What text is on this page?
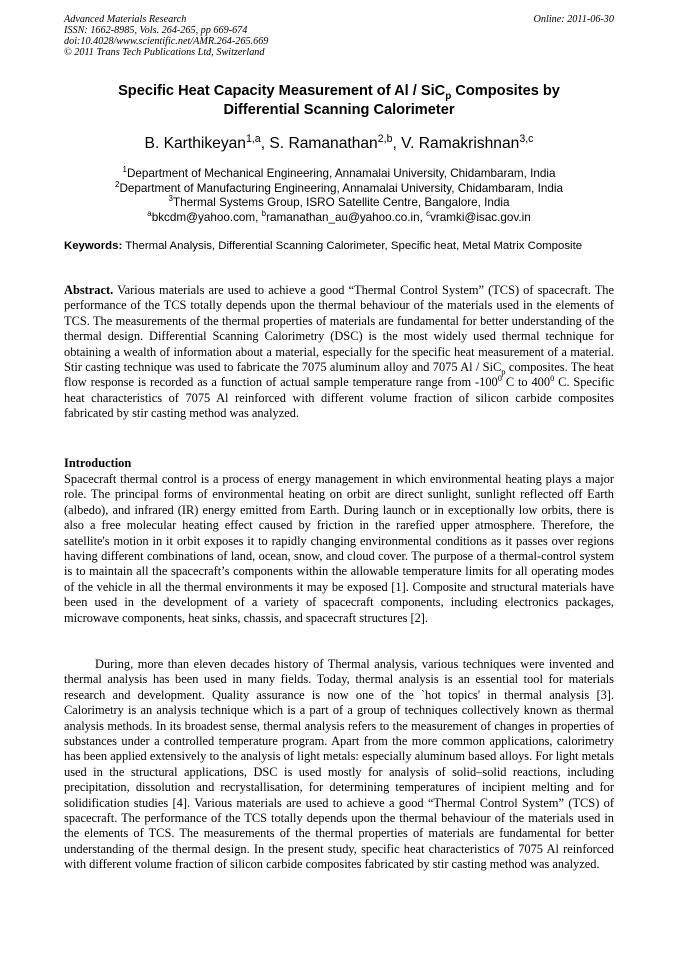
Advanced Materials Research
ISSN: 1662-8985, Vols. 264-265, pp 669-674
doi:10.4028/www.scientific.net/AMR.264-265.669
© 2011 Trans Tech Publications Ltd, Switzerland
Online: 2011-06-30
Specific Heat Capacity Measurement of Al / SiC$_p$ Composites by
Differential Scanning Calorimeter
B. Karthikeyan$^{1,a}$, S. Ramanathan$^{2,b}$, V. Ramakrishnan$^{3,c}$
$^1$Department of Mechanical Engineering, Annamalai University, Chidambaram, India
$^2$Department of Manufacturing Engineering, Annamalai University, Chidambaram, India
$^3$Thermal Systems Group, ISRO Satellite Centre, Bangalore, India
$^a$bkcdm@yahoo.com, $^b$ramanathan_au@yahoo.co.in, $^c$vramki@isac.gov.in
Keywords: Thermal Analysis, Differential Scanning Calorimeter, Specific heat, Metal Matrix Composite

Abstract. Various materials are used to achieve a good “Thermal Control System” (TCS) of spacecraft. The performance of the TCS totally depends upon the thermal behaviour of the materials used in the elements of TCS. The measurements of the thermal properties of materials are fundamental for better understanding of the thermal design. Differential Scanning Calorimetry (DSC) is the most widely used thermal technique for obtaining a wealth of information about a material, especially for the specific heat measurement of a material. Stir casting technique was used to fabricate the 7075 aluminum alloy and 7075 Al / SiC$_p$ composites. The heat flow response is recorded as a function of actual sample temperature range from $-100^0$ C to $400^0$ C. Specific heat characteristics of 7075 Al reinforced with different volume fraction of silicon carbide composites fabricated by stir casting method was analyzed.

Introduction

Spacecraft thermal control is a process of energy management in which environmental heating plays a major role. The principal forms of environmental heating on orbit are direct sunlight, sunlight reflected off Earth (albedo), and infrared (IR) energy emitted from Earth. During launch or in exceptionally low orbits, there is also a free molecular heating effect caused by friction in the rarefied upper atmosphere. Therefore, the satellite's motion in it orbit exposes it to rapidly changing environmental conditions as it passes over regions having different combinations of land, ocean, snow, and cloud cover. The purpose of a thermal-control system is to maintain all the spacecraft’s components within the allowable temperature limits for all operating modes of the vehicle in all the thermal environments it may be exposed [1]. Composite and structural materials have been used in the development of a variety of spacecraft components, including electronics packages, microwave components, heat sinks, chassis, and spacecraft structures [2].

During, more than eleven decades history of Thermal analysis, various techniques were invented and thermal analysis has been used in many fields. Today, thermal analysis is an essential tool for materials research and development. Quality assurance is now one of the `hot topics' in thermal analysis [3]. Calorimetry is an analysis technique which is a part of a group of techniques collectively known as thermal analysis methods. In its broadest sense, thermal analysis refers to the measurement of changes in properties of substances under a controlled temperature program. Apart from the more common applications, calorimetry has been applied extensively to the analysis of light metals: especially aluminum based alloys. For light metals used in the structural applications, DSC is used mostly for analysis of solid–solid reactions, including precipitation, dissolution and recrystallisation, for determining temperatures of incipient melting and for solidification studies [4]. Various materials are used to achieve a good “Thermal Control System” (TCS) of spacecraft. The performance of the TCS totally depends upon the thermal behaviour of the materials used in the elements of TCS. The measurements of the thermal properties of materials are fundamental for better understanding of the thermal design. In the present study, specific heat characteristics of 7075 Al reinforced with different volume fraction of silicon carbide composites fabricated by stir casting method was analyzed.
